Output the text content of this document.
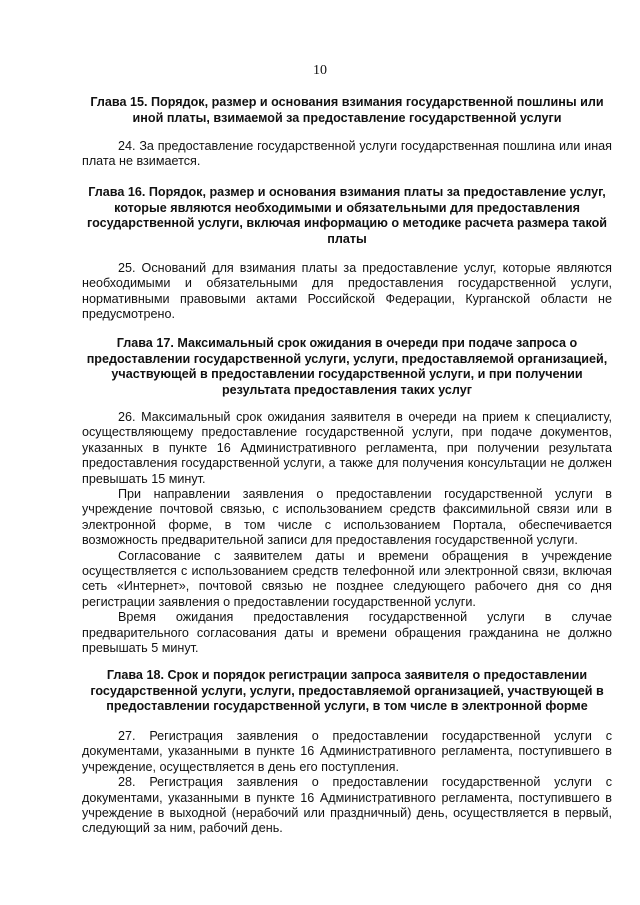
10
Глава 15. Порядок, размер и основания взимания государственной пошлины или иной платы, взимаемой за предоставление государственной услуги

24. За предоставление государственной услуги государственная пошлина или иная плата не взимается.

Глава 16. Порядок, размер и основания взимания платы за предоставление услуг, которые являются необходимыми и обязательными для предоставления государственной услуги, включая информацию о методике расчета размера такой платы

25. Оснований для взимания платы за предоставление услуг, которые являются необходимыми и обязательными для предоставления государственной услуги, нормативными правовыми актами Российской Федерации, Курганской области не предусмотрено.

Глава 17. Максимальный срок ожидания в очереди при подаче запроса о предоставлении государственной услуги, услуги, предоставляемой организацией, участвующей в предоставлении государственной услуги, и при получении результата предоставления таких услуг

26. Максимальный срок ожидания заявителя в очереди на прием к специалисту, осуществляющему предоставление государственной услуги, при подаче документов, указанных в пункте 16 Административного регламента, при получении результата предоставления государственной услуги, а также для получения консультации не должен превышать 15 минут.

При направлении заявления о предоставлении государственной услуги в учреждение почтовой связью, с использованием средств факсимильной связи или в электронной форме, в том числе с использованием Портала, обеспечивается возможность предварительной записи для предоставления государственной услуги.

Согласование с заявителем даты и времени обращения в учреждение осуществляется с использованием средств телефонной или электронной связи, включая сеть «Интернет», почтовой связью не позднее следующего рабочего дня со дня регистрации заявления о предоставлении государственной услуги.

Время ожидания предоставления государственной услуги в случае предварительного согласования даты и времени обращения гражданина не должно превышать 5 минут.

Глава 18. Срок и порядок регистрации запроса заявителя о предоставлении государственной услуги, услуги, предоставляемой организацией, участвующей в предоставлении государственной услуги, в том числе в электронной форме

27. Регистрация заявления о предоставлении государственной услуги с документами, указанными в пункте 16 Административного регламента, поступившего в учреждение, осуществляется в день его поступления.

28. Регистрация заявления о предоставлении государственной услуги с документами, указанными в пункте 16 Административного регламента, поступившего в учреждение в выходной (нерабочий или праздничный) день, осуществляется в первый, следующий за ним, рабочий день.
